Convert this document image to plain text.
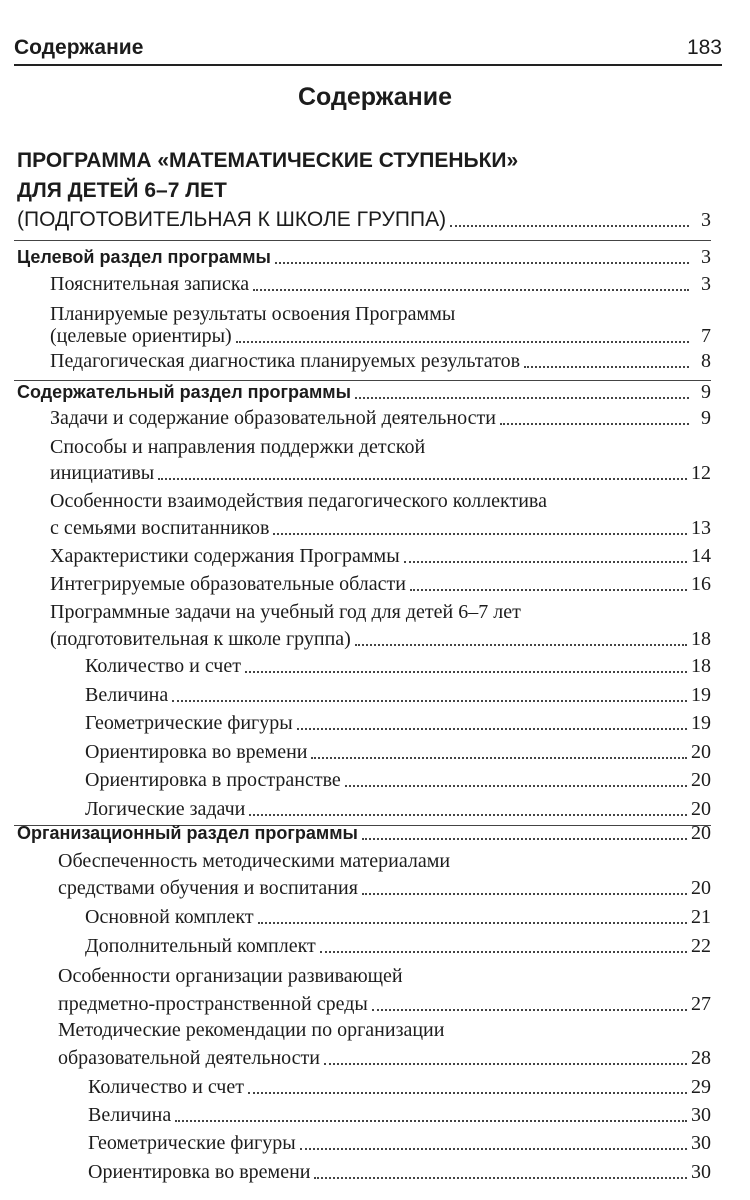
Содержание	183
Содержание
ПРОГРАММА «МАТЕМАТИЧЕСКИЕ СТУПЕНЬКИ»
ДЛЯ ДЕТЕЙ 6–7 ЛЕТ
(ПОДГОТОВИТЕЛЬНАЯ К ШКОЛЕ ГРУППА)	3
Целевой раздел программы	3
Пояснительная записка	3
Планируемые результаты освоения Программы
(целевые ориентиры)	7
Педагогическая диагностика планируемых результатов	8
Содержательный раздел программы	9
Задачи и содержание образовательной деятельности	9
Способы и направления поддержки детской
инициативы	12
Особенности взаимодействия педагогического коллектива
с семьями воспитанников	13
Характеристики содержания Программы	14
Интегрируемые образовательные области	16
Программные задачи на учебный год для детей 6–7 лет
(подготовительная к школе группа)	18
Количество и счет	18
Величина	19
Геометрические фигуры	19
Ориентировка во времени	20
Ориентировка в пространстве	20
Логические задачи	20
Организационный раздел программы	20
Обеспеченность методическими материалами
средствами обучения и воспитания	20
Основной комплект	21
Дополнительный комплект	22
Особенности организации развивающей
предметно-пространственной среды	27
Методические рекомендации по организации
образовательной деятельности	28
Количество и счет	29
Величина	30
Геометрические фигуры	30
Ориентировка во времени	30
